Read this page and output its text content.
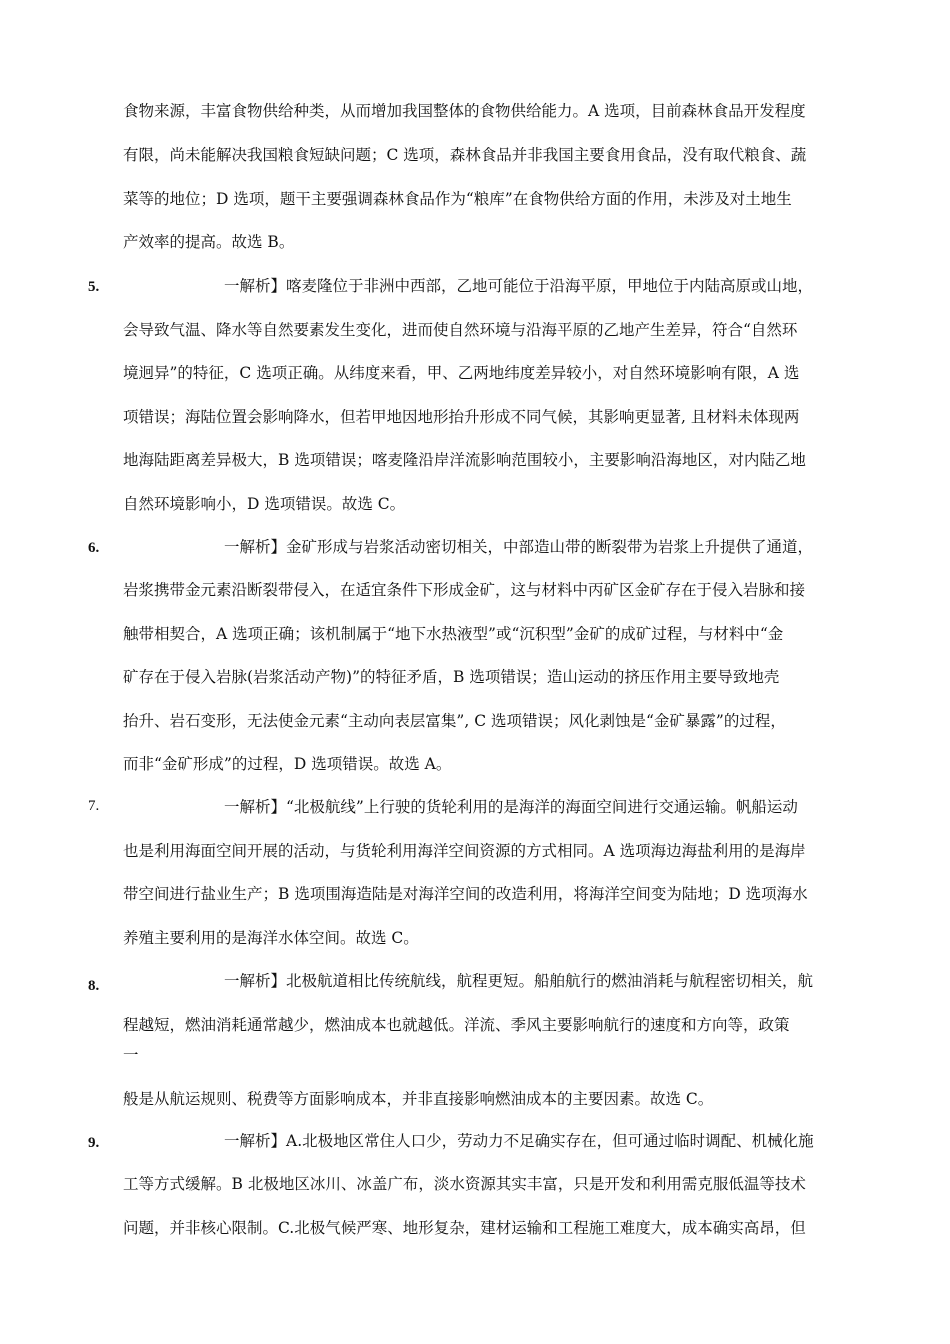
食物来源，丰富食物供给种类，从而增加我国整体的食物供给能力。A 选项，目前森林食品开发程度
有限，尚未能解决我国粮食短缺问题；C 选项，森林食品并非我国主要食用食品，没有取代粮食、蔬
菜等的地位；D 选项，题干主要强调森林食品作为“粮库”在食物供给方面的作用，未涉及对土地生
产效率的提高。故选 B。
5.	一解析】喀麦隆位于非洲中西部，乙地可能位于沿海平原，甲地位于内陆高原或山地，
会导致气温、降水等自然要素发生变化，进而使自然环境与沿海平原的乙地产生差异，符合“自然环
境迥异”的特征，C 选项正确。从纬度来看，甲、乙两地纬度差异较小，对自然环境影响有限，A 选
项错误；海陆位置会影响降水，但若甲地因地形抬升形成不同气候，其影响更显著, 且材料未体现两
地海陆距离差异极大，B 选项错误；喀麦隆沿岸洋流影响范围较小，主要影响沿海地区，对内陆乙地
自然环境影响小，D 选项错误。故选 C。
6.	一解析】金矿形成与岩浆活动密切相关，中部造山带的断裂带为岩浆上升提供了通道，
岩浆携带金元素沿断裂带侵入，在适宜条件下形成金矿，这与材料中丙矿区金矿存在于侵入岩脉和接
触带相契合，A 选项正确；该机制属于“地下水热液型”或“沉积型”金矿的成矿过程，与材料中“金
矿存在于侵入岩脉(岩浆活动产物)”的特征矛盾，B 选项错误；造山运动的挤压作用主要导致地壳
抬升、岩石变形，无法使金元素“主动向表层富集”, C 选项错误；风化剥蚀是“金矿暴露”的过程，
而非“金矿形成”的过程，D 选项错误。故选 A。
7.	一解析】“北极航线”上行驶的货轮利用的是海洋的海面空间进行交通运输。帆船运动
也是利用海面空间开展的活动，与货轮利用海洋空间资源的方式相同。A 选项海边海盐利用的是海岸
带空间进行盐业生产；B 选项围海造陆是对海洋空间的改造利用，将海洋空间变为陆地；D 选项海水
养殖主要利用的是海洋水体空间。故选 C。
8.	一解析】北极航道相比传统航线，航程更短。船舶航行的燃油消耗与航程密切相关，航
程越短，燃油消耗通常越少，燃油成本也就越低。洋流、季风主要影响航行的速度和方向等，政策
一
般是从航运规则、税费等方面影响成本，并非直接影响燃油成本的主要因素。故选 C。
9.	一解析】A.北极地区常住人口少，劳动力不足确实存在，但可通过临时调配、机械化施
工等方式缓解。B 北极地区冰川、冰盖广布，淡水资源其实丰富，只是开发和利用需克服低温等技术
问题，并非核心限制。C.北极气候严寒、地形复杂，建材运输和工程施工难度大，成本确实高昂，但
